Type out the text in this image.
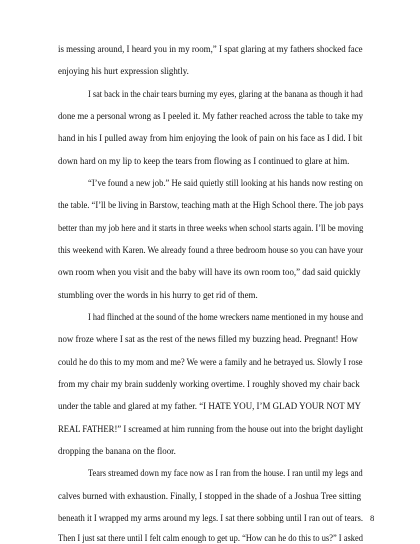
is messing around, I heard you in my room,” I spat glaring at my fathers shocked face
enjoying his hurt expression slightly.
I sat back in the chair tears burning my eyes, glaring at the banana as though it had
done me a personal wrong as I peeled it. My father reached across the table to take my
hand in his I pulled away from him enjoying the look of pain on his face as I did. I bit
down hard on my lip to keep the tears from flowing as I continued to glare at him.
“I’ve found a new job.” He said quietly still looking at his hands now resting on
the table. “I’ll be living in Barstow, teaching math at the High School there. The job pays
better than my job here and it starts in three weeks when school starts again. I’ll be moving
this weekend with Karen. We already found a three bedroom house so you can have your
own room when you visit and the baby will have its own room too,” dad said quickly
stumbling over the words in his hurry to get rid of them.
I had flinched at the sound of the home wreckers name mentioned in my house and
now froze where I sat as the rest of the news filled my buzzing head. Pregnant! How
could he do this to my mom and me? We were a family and he betrayed us. Slowly I rose
from my chair my brain suddenly working overtime. I roughly shoved my chair back
under the table and glared at my father. “I HATE YOU, I’M GLAD YOUR NOT MY
REAL FATHER!” I screamed at him running from the house out into the bright daylight
dropping the banana on the floor.
Tears streamed down my face now as I ran from the house. I ran until my legs and
calves burned with exhaustion. Finally, I stopped in the shade of a Joshua Tree sitting
beneath it I wrapped my arms around my legs. I sat there sobbing until I ran out of tears.
Then I just sat there until I felt calm enough to get up. “How can he do this to us?” I asked
8
